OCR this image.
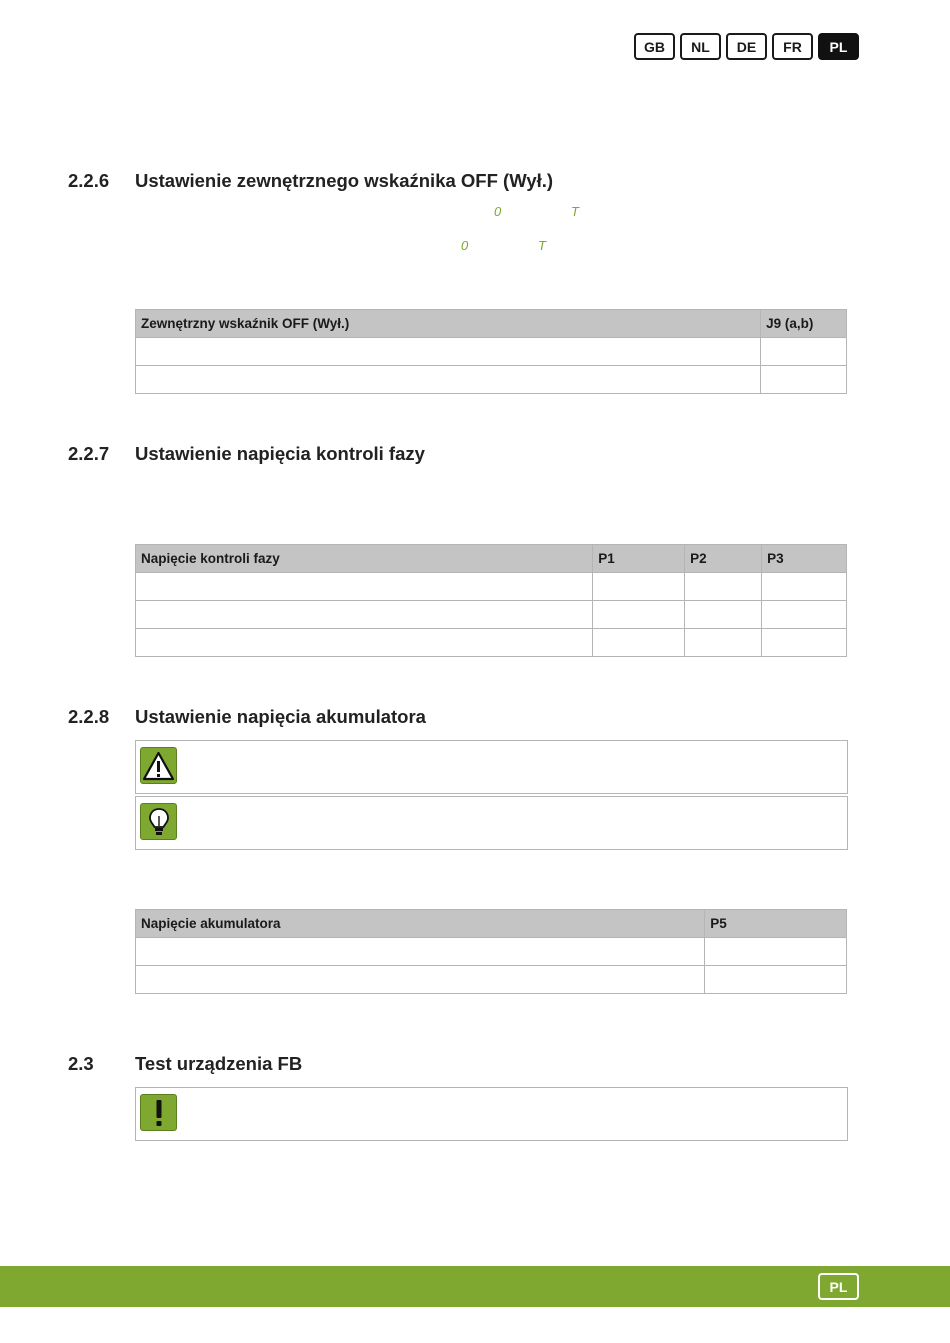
GB	NL	DE	FR	PL
2.2.6 Ustawienie zewnętrznego wskaźnika OFF (Wył.)
0	T
0	T
Zewnętrzny wskaźnik OFF (Wył.)	J9 (a,b)

2.2.7 Ustawienie napięcia kontroli fazy
Napięcie kontroli fazy	P1	P2	P3

2.2.8 Ustawienie napięcia akumulatora
Napięcie akumulatora	P5

2.3 Test urządzenia FB
PL
